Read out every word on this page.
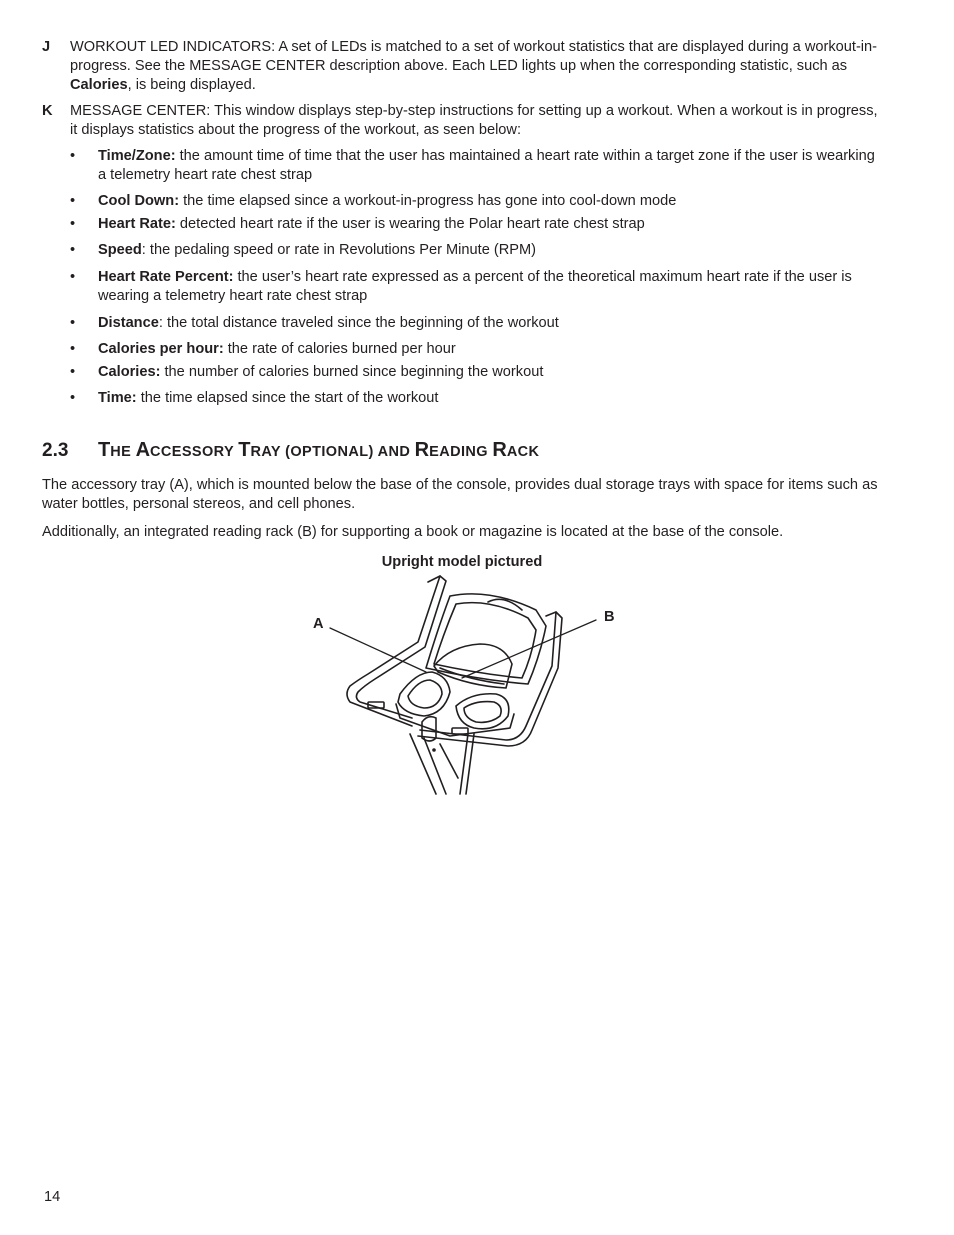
J WORKOUT LED INDICATORS: A set of LEDs is matched to a set of workout statistics that are displayed during a workout-in-progress. See the MESSAGE CENTER description above. Each LED lights up when the corresponding statistic, such as Calories, is being displayed.
K MESSAGE CENTER: This window displays step-by-step instructions for setting up a workout. When a workout is in progress, it displays statistics about the progress of the workout, as seen below:
• Time/Zone: the amount time of time that the user has maintained a heart rate within a target zone if the user is wearking a telemetry heart rate chest strap
• Cool Down: the time elapsed since a workout-in-progress has gone into cool-down mode
• Heart Rate: detected heart rate if the user is wearing the Polar heart rate chest strap
• Speed: the pedaling speed or rate in Revolutions Per Minute (RPM)
• Heart Rate Percent: the user’s heart rate expressed as a percent of the theoretical maximum heart rate if the user is wearing a telemetry heart rate chest strap
• Distance: the total distance traveled since the beginning of the workout
• Calories per hour: the rate of calories burned per hour
• Calories: the number of calories burned since beginning the workout
• Time: the time elapsed since the start of the workout
2.3 THE ACCESSORY TRAY (OPTIONAL) AND READING RACK

The accessory tray (A), which is mounted below the base of the console, provides dual storage trays with space for items such as water bottles, personal stereos, and cell phones.

Additionally, an integrated reading rack (B) for supporting a book or magazine is located at the base of the console.

Upright model pictured
A	B
14
